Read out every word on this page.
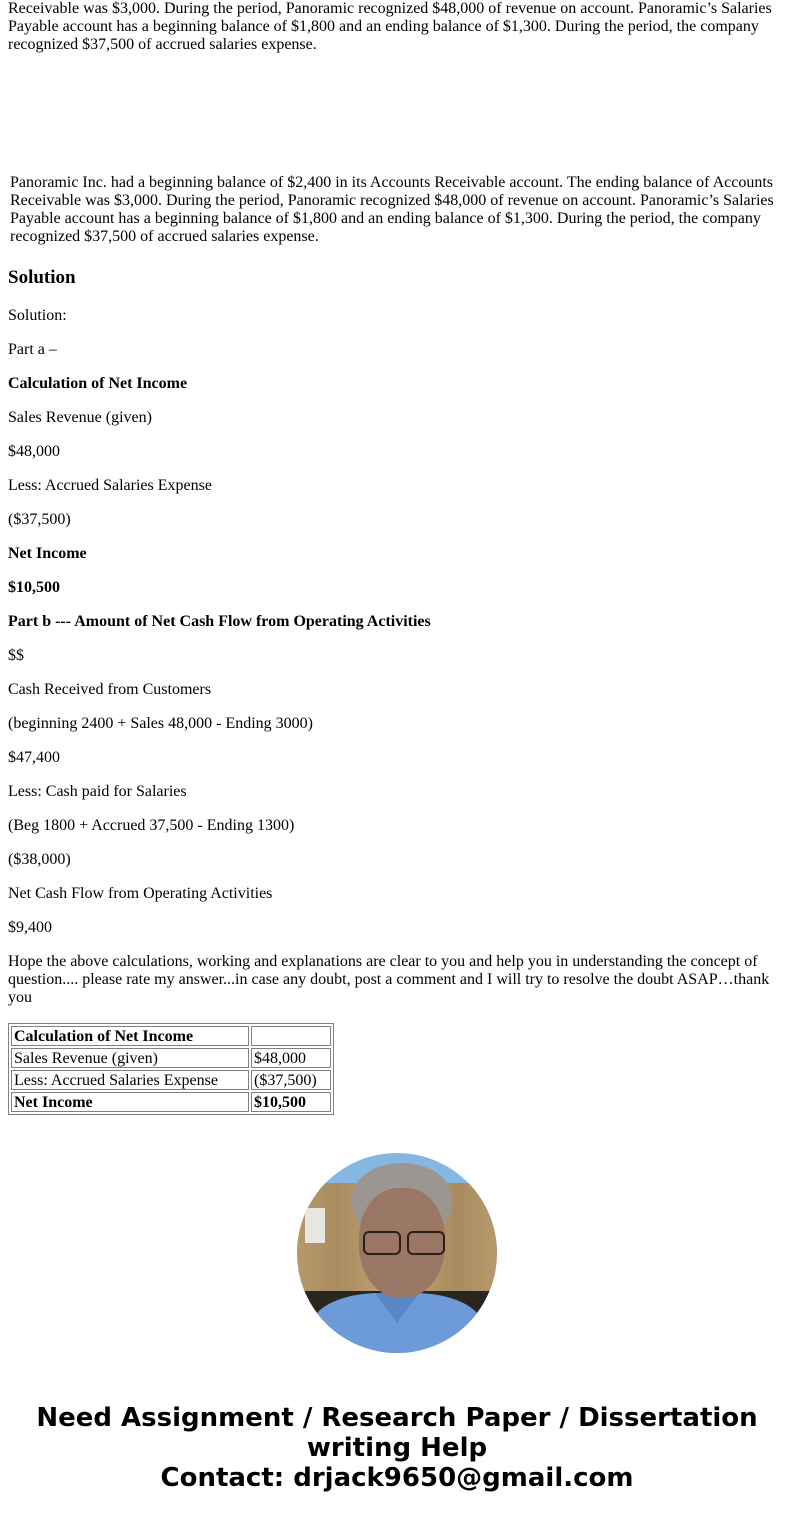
Receivable was $3,000. During the period, Panoramic recognized $48,000 of revenue on account. Panoramic’s Salaries Payable account has a beginning balance of $1,800 and an ending balance of $1,300. During the period, the company recognized $37,500 of accrued salaries expense.

Panoramic Inc. had a beginning balance of $2,400 in its Accounts Receivable account. The ending balance of Accounts Receivable was $3,000. During the period, Panoramic recognized $48,000 of revenue on account. Panoramic’s Salaries Payable account has a beginning balance of $1,800 and an ending balance of $1,300. During the period, the company recognized $37,500 of accrued salaries expense.

Solution

Solution:

Part a –

Calculation of Net Income

Sales Revenue (given)

$48,000

Less: Accrued Salaries Expense

($37,500)

Net Income

$10,500

Part b --- Amount of Net Cash Flow from Operating Activities

$$

Cash Received from Customers

(beginning 2400 + Sales 48,000 - Ending 3000)

$47,400

Less: Cash paid for Salaries

(Beg 1800 + Accrued 37,500 - Ending 1300)

($38,000)

Net Cash Flow from Operating Activities

$9,400

Hope the above calculations, working and explanations are clear to you and help you in understanding the concept of question.... please rate my answer...in case any doubt, post a comment and I will try to resolve the doubt ASAP…thank you

Calculation of Net Income	
Sales Revenue (given)	$48,000
Less: Accrued Salaries Expense	($37,500)
Net Income	$10,500
Need Assignment / Research Paper / Dissertation
writing Help
Contact: drjack9650@gmail.com
